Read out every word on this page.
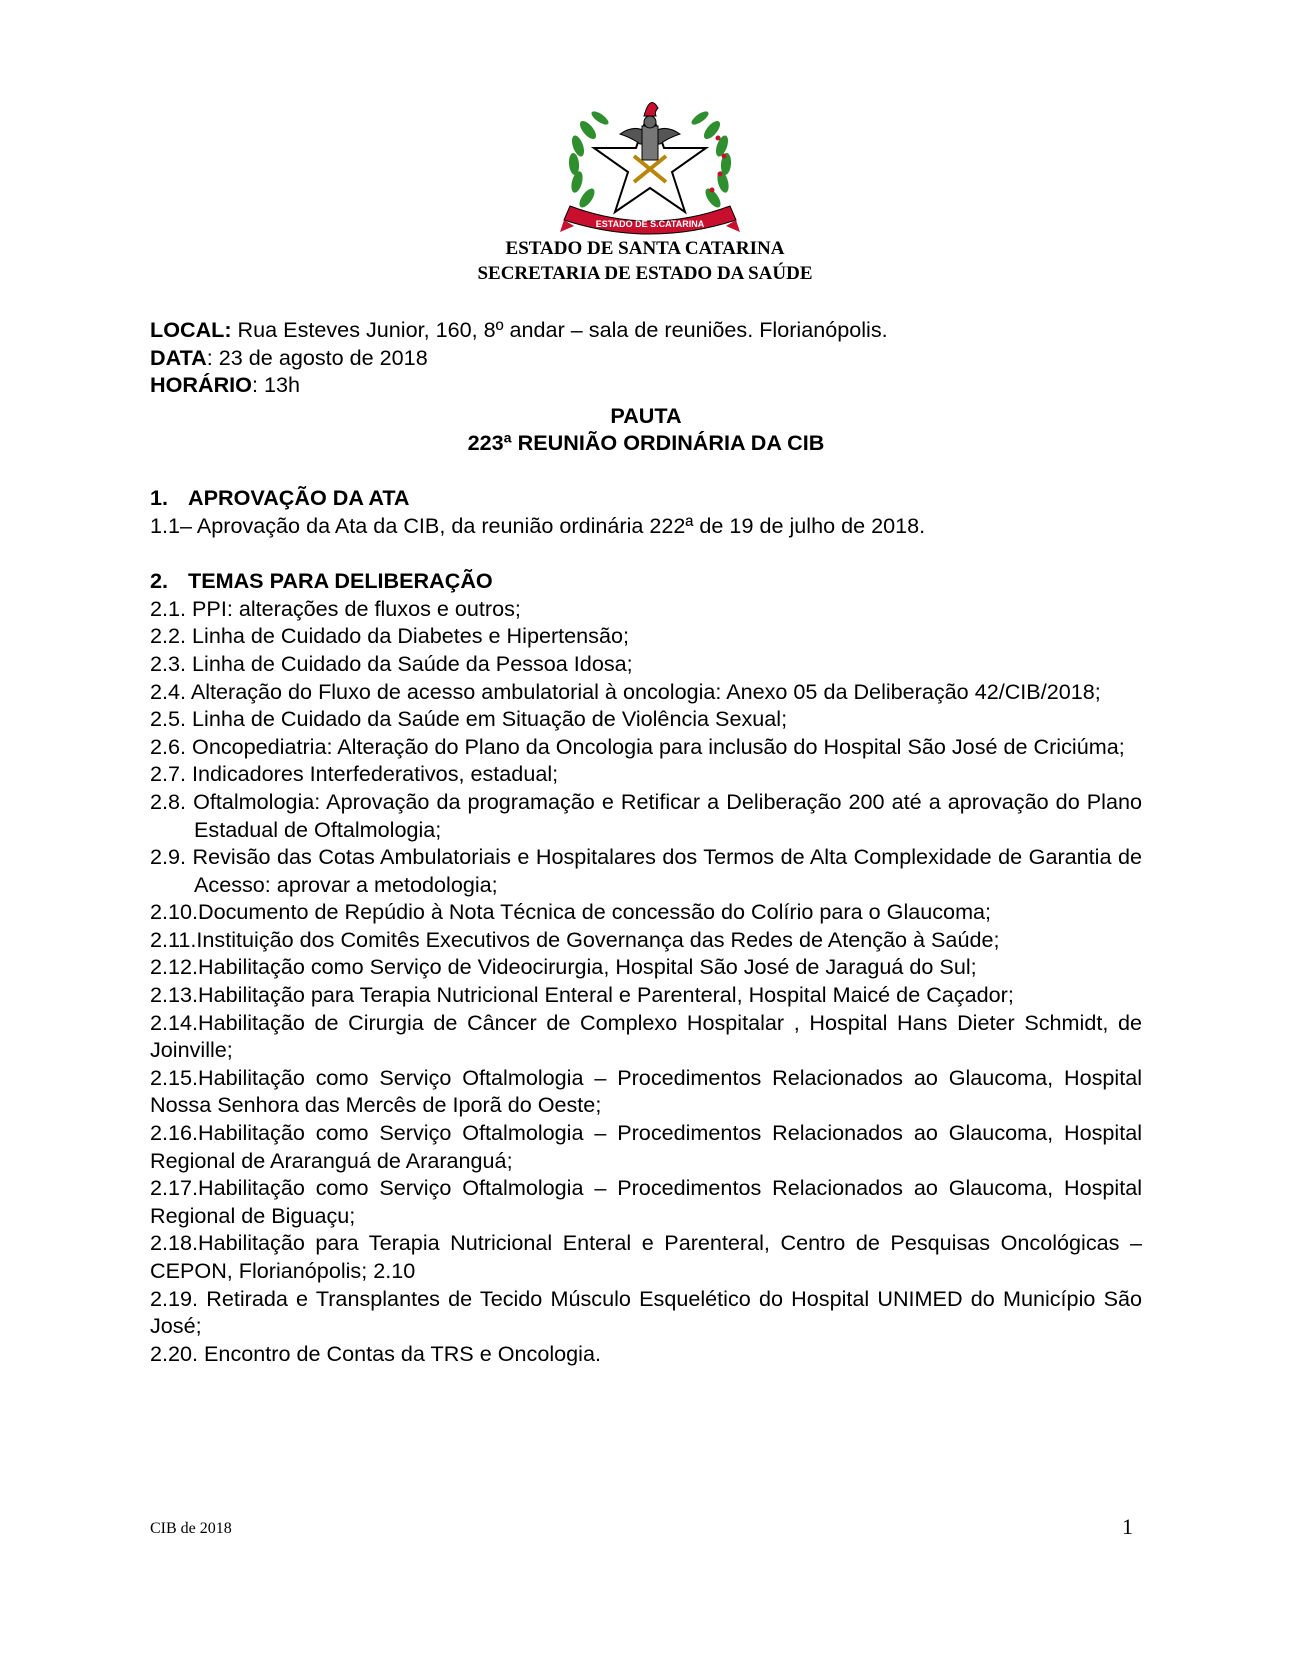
ESTADO DE S.CATARINA
ESTADO DE SANTA CATARINA
SECRETARIA DE ESTADO DA SAÚDE

LOCAL: Rua Esteves Junior, 160, 8º andar – sala de reuniões. Florianópolis.

DATA: 23 de agosto de 2018

HORÁRIO: 13h

PAUTA

223ª REUNIÃO ORDINÁRIA DA CIB

1. APROVAÇÃO DA ATA

1.1– Aprovação da Ata da CIB, da reunião ordinária 222ª de 19 de julho de 2018.

2. TEMAS PARA DELIBERAÇÃO

2.1. PPI: alterações de fluxos e outros;

2.2. Linha de Cuidado da Diabetes e Hipertensão;

2.3. Linha de Cuidado da Saúde da Pessoa Idosa;

2.4. Alteração do Fluxo de acesso ambulatorial à oncologia: Anexo 05 da Deliberação 42/CIB/2018;

2.5. Linha de Cuidado da Saúde em Situação de Violência Sexual;

2.6. Oncopediatria: Alteração do Plano da Oncologia para inclusão do Hospital São José de Criciúma;

2.7. Indicadores Interfederativos, estadual;

2.8. Oftalmologia: Aprovação da programação e Retificar a Deliberação 200 até a aprovação do Plano Estadual de Oftalmologia;

2.9. Revisão das Cotas Ambulatoriais e Hospitalares dos Termos de Alta Complexidade de Garantia de Acesso: aprovar a metodologia;

2.10.Documento de Repúdio à Nota Técnica de concessão do Colírio para o Glaucoma;

2.11.Instituição dos Comitês Executivos de Governança das Redes de Atenção à Saúde;

2.12.Habilitação como Serviço de Videocirurgia, Hospital São José de Jaraguá do Sul;

2.13.Habilitação para Terapia Nutricional Enteral e Parenteral, Hospital Maicé de Caçador;

2.14.Habilitação de Cirurgia de Câncer de Complexo Hospitalar , Hospital Hans Dieter Schmidt, de Joinville;

2.15.Habilitação como Serviço Oftalmologia – Procedimentos Relacionados ao Glaucoma, Hospital Nossa Senhora das Mercês de Iporã do Oeste;

2.16.Habilitação como Serviço Oftalmologia – Procedimentos Relacionados ao Glaucoma, Hospital Regional de Araranguá de Araranguá;

2.17.Habilitação como Serviço Oftalmologia – Procedimentos Relacionados ao Glaucoma, Hospital Regional de Biguaçu;

2.18.Habilitação para Terapia Nutricional Enteral e Parenteral, Centro de Pesquisas Oncológicas – CEPON, Florianópolis; 2.10

2.19. Retirada e Transplantes de Tecido Músculo Esquelético do Hospital UNIMED do Município São José;

2.20. Encontro de Contas da TRS e Oncologia.

CIB de 2018	1
